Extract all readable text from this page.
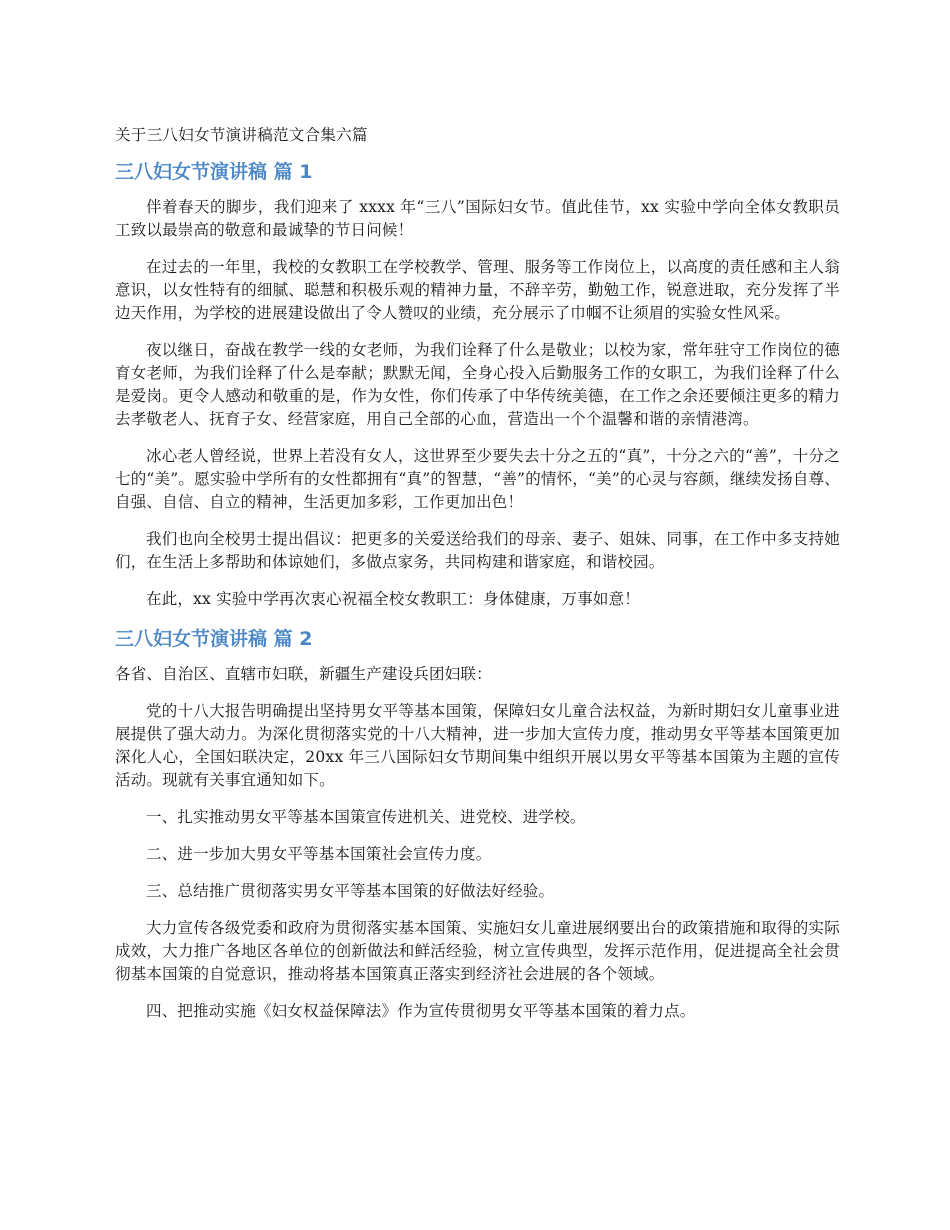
关于三八妇女节演讲稿范文合集六篇
三八妇女节演讲稿 篇 1

伴着春天的脚步，我们迎来了 xxxx 年“三八”国际妇女节。值此佳节，xx 实验中学向全体女教职员工致以最崇高的敬意和最诚挚的节日问候！

在过去的一年里，我校的女教职工在学校教学、管理、服务等工作岗位上，以高度的责任感和主人翁意识，以女性特有的细腻、聪慧和积极乐观的精神力量，不辞辛劳，勤勉工作，锐意进取，充分发挥了半边天作用，为学校的进展建设做出了令人赞叹的业绩，充分展示了巾帼不让须眉的实验女性风采。

夜以继日，奋战在教学一线的女老师，为我们诠释了什么是敬业；以校为家，常年驻守工作岗位的德育女老师，为我们诠释了什么是奉献；默默无闻，全身心投入后勤服务工作的女职工，为我们诠释了什么是爱岗。更令人感动和敬重的是，作为女性，你们传承了中华传统美德，在工作之余还要倾注更多的精力去孝敬老人、抚育子女、经营家庭，用自己全部的心血，营造出一个个温馨和谐的亲情港湾。

冰心老人曾经说，世界上若没有女人，这世界至少要失去十分之五的“真”，十分之六的“善”，十分之七的“美”。愿实验中学所有的女性都拥有“真”的智慧，“善”的情怀，“美”的心灵与容颜，继续发扬自尊、自强、自信、自立的精神，生活更加多彩，工作更加出色！

我们也向全校男士提出倡议：把更多的关爱送给我们的母亲、妻子、姐妹、同事，在工作中多支持她们，在生活上多帮助和体谅她们，多做点家务，共同构建和谐家庭，和谐校园。

在此，xx 实验中学再次衷心祝福全校女教职工：身体健康，万事如意！

三八妇女节演讲稿 篇 2

各省、自治区、直辖市妇联，新疆生产建设兵团妇联：

党的十八大报告明确提出坚持男女平等基本国策，保障妇女儿童合法权益，为新时期妇女儿童事业进展提供了强大动力。为深化贯彻落实党的十八大精神，进一步加大宣传力度，推动男女平等基本国策更加深化人心，全国妇联决定，20xx 年三八国际妇女节期间集中组织开展以男女平等基本国策为主题的宣传活动。现就有关事宜通知如下。

一、扎实推动男女平等基本国策宣传进机关、进党校、进学校。

二、进一步加大男女平等基本国策社会宣传力度。

三、总结推广贯彻落实男女平等基本国策的好做法好经验。

大力宣传各级党委和政府为贯彻落实基本国策、实施妇女儿童进展纲要出台的政策措施和取得的实际成效，大力推广各地区各单位的创新做法和鲜活经验，树立宣传典型，发挥示范作用，促进提高全社会贯彻基本国策的自觉意识，推动将基本国策真正落实到经济社会进展的各个领域。

四、把推动实施《妇女权益保障法》作为宣传贯彻男女平等基本国策的着力点。
